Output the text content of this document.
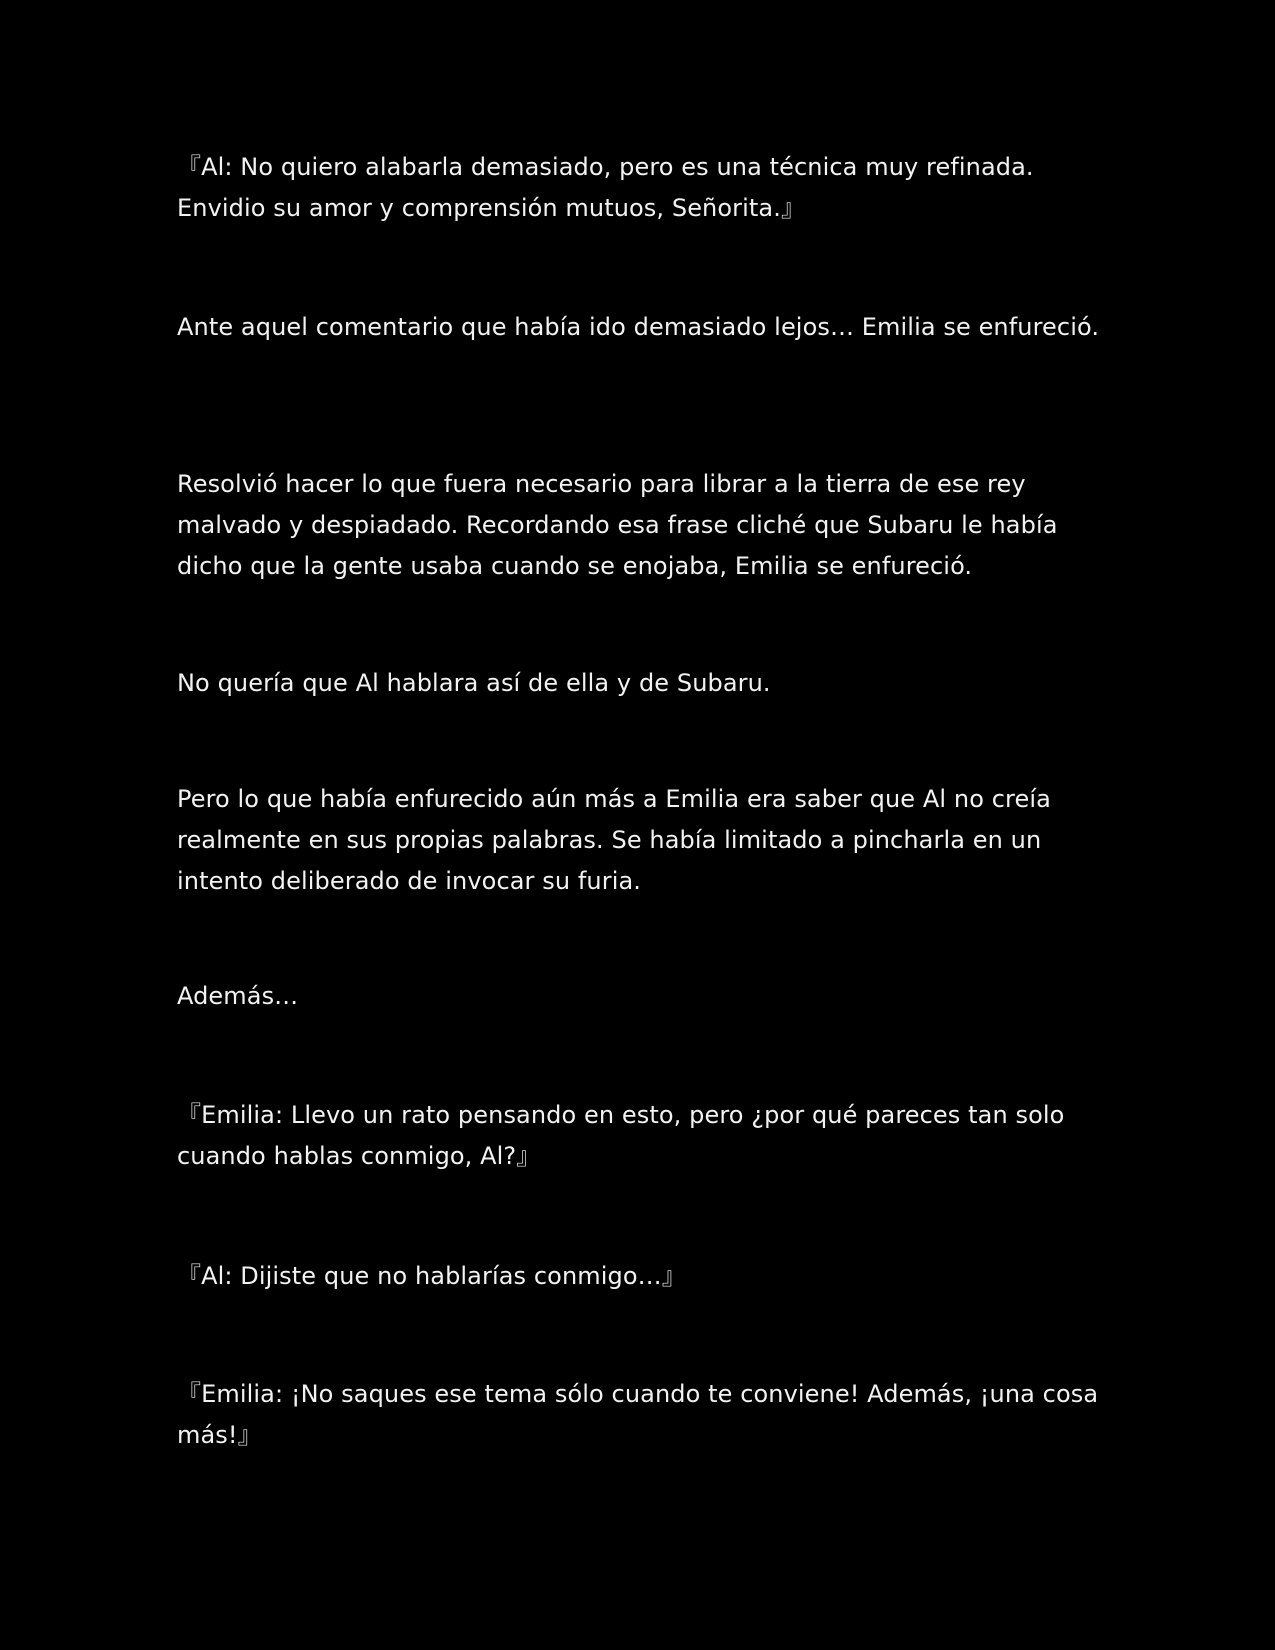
『Al: No quiero alabarla demasiado, pero es una técnica muy refinada. Envidio su amor y comprensión mutuos, Señorita.』

Ante aquel comentario que había ido demasiado lejos… Emilia se enfureció.

Resolvió hacer lo que fuera necesario para librar a la tierra de ese rey malvado y despiadado. Recordando esa frase cliché que Subaru le había dicho que la gente usaba cuando se enojaba, Emilia se enfureció.

No quería que Al hablara así de ella y de Subaru.

Pero lo que había enfurecido aún más a Emilia era saber que Al no creía realmente en sus propias palabras. Se había limitado a pincharla en un intento deliberado de invocar su furia.

Además…

『Emilia: Llevo un rato pensando en esto, pero ¿por qué pareces tan solo cuando hablas conmigo, Al?』

『Al: Dijiste que no hablarías conmigo…』

『Emilia: ¡No saques ese tema sólo cuando te conviene! Además, ¡una cosa más!』
